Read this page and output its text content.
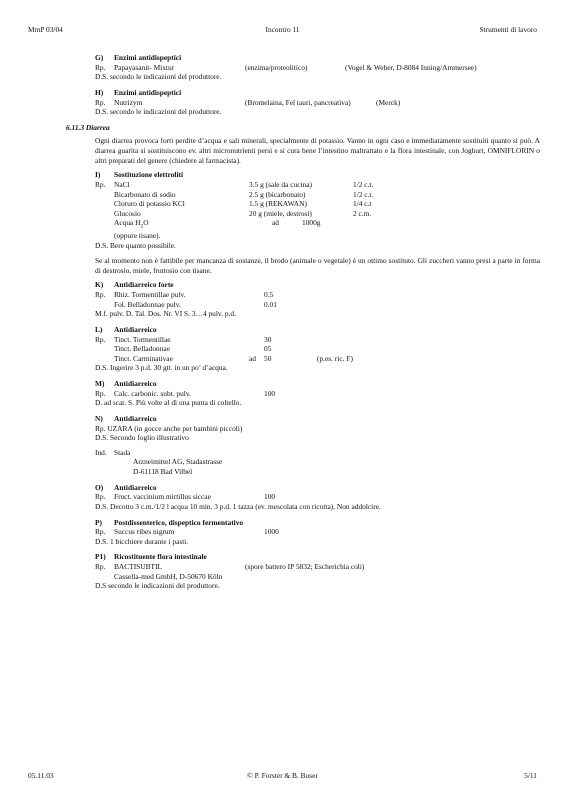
MmP 03/04	Incontro 11	Strumenti di lavoro
G)	Enzimi antidispeptici
Rp.	Papayasanit- Mixtur	(enzima/proteolitico)	(Vogel & Weber, D-8084 Inning/Ammersee)
D.S. secondo le indicazioni del produttore.
H)	Enzimi antidispeptici
Rp.	Nutrizym	(Bromelaina, Fel tauri, pancreativa)	(Merck)
D.S. secondo le indicazioni del produttore.
6.11.3 Diarrea

Ogni diarrea provoca forti perdite d’acqua e sali minerali, specialmente di potassio. Vanno in ogni caso e immediatamente sostituiti quanto si può. A diarrea guarita si sostituiscono ev. altri micronutrienti persi e si cura bene l’intestino maltrattato e la flora intestinale, con Joghurt, OMNIFLORIN o altri preparati del genere (chiedere al farmacista).

I)	Sostituzione elettroliti
Rp.	NaCl	3.5 g (sale da cucina)	1/2 c.t.
Bicarbonato di sodio	2.5 g (bicarbonato)	1/2 c.t.
Cloruro di potassio KCl	1.5 g (REKAWAN)	1/4 c.t
Glucosio	20 g (miele, destrosi)	2 c.m.
Acqua $H_2O$	ad	1000g
(oppure tisane).
D.S. Bere quanto possibile.

Se al momento non è fattibile per mancanza di sostanze, il brodo (animale o vegetale) è un ottimo sostituto. Gli zuccheri vanno presi a parte in forma di destrosio, miele, fruttosio con tisane.

K)	Antidiarreico forte
Rp.	Rhiz. Tormentillae pulv.	0.5
Fol. Belladonnae pulv.	0.01
M.f. pulv. D. Tal. Dos. Nr. VI S. 3…4 pulv. p.d.
L)	Antidiarreico
Rp.	Tinct. Tormentillae	30
Tinct. Belladonnae	05
Tinct. Carminativae	ad	50	(p.es. ric. F)
D.S. Ingerire 3 p.d. 30 gtt. in un po’ d’acqua.
M)	Antidiarreico
Rp.	Calc. carbonic. subt. pulv.	100
D. ad scat. S. Più volte al dì una punta di coltello.
N)	Antidiarreico
Rp. UZARA (in gocce anche per bambini piccoli)
D.S. Secondo foglio illustrativo
Ind. Stada
Arzneimittel AG, Stadastrasse
D-61118 Bad Vilbel
O)	Antidiarreico
Rp.	Fruct. vaccinium mirtillus siccae	100
D.S. Decotto 3 c.m./1/2 l acqua 10 min. 3 p.d. 1 tazza (ev. mescolata con ricotta). Non addolcire.
P)	Postdissenterico, dispeptico fermentativo
Rp.	Succus ribes nigrum	1000
D.S. 1 bicchiere durante i pasti.
P1)	Ricostituente flora intestinale
Rp.	BACTISUBTIL	(spore battero IP 5832; Escherichia coli)
Cassella-med GmbH, D-50670 Köln
D.S secondo le indicazioni del produttore.
05.11.03	© P. Forster & B. Buser	5/11
